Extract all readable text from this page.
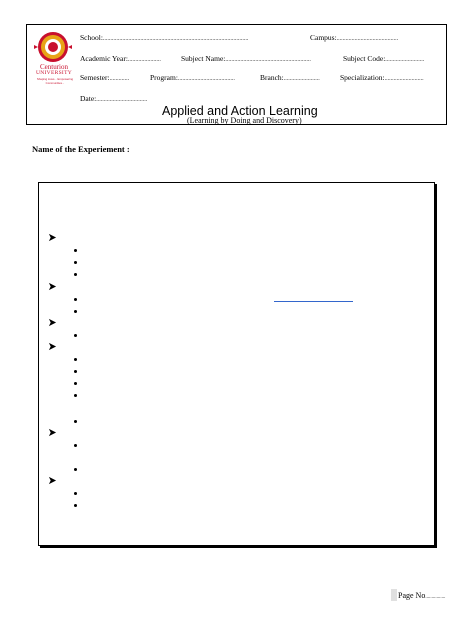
Centurion
UNIVERSITY
Shaping Lives... Empowering Communities...
School:.................................................................................................	Campus:.........................................
Academic Year:......................	Subject Name:.........................................................	Subject Code:..........................
Semester:.............	Program:......................................	Branch:........................	Specialization:..........................
Date:..................................
Applied and Action Learning
(Learning by Doing and Discovery)
Name of the Experiement :
Page No................
